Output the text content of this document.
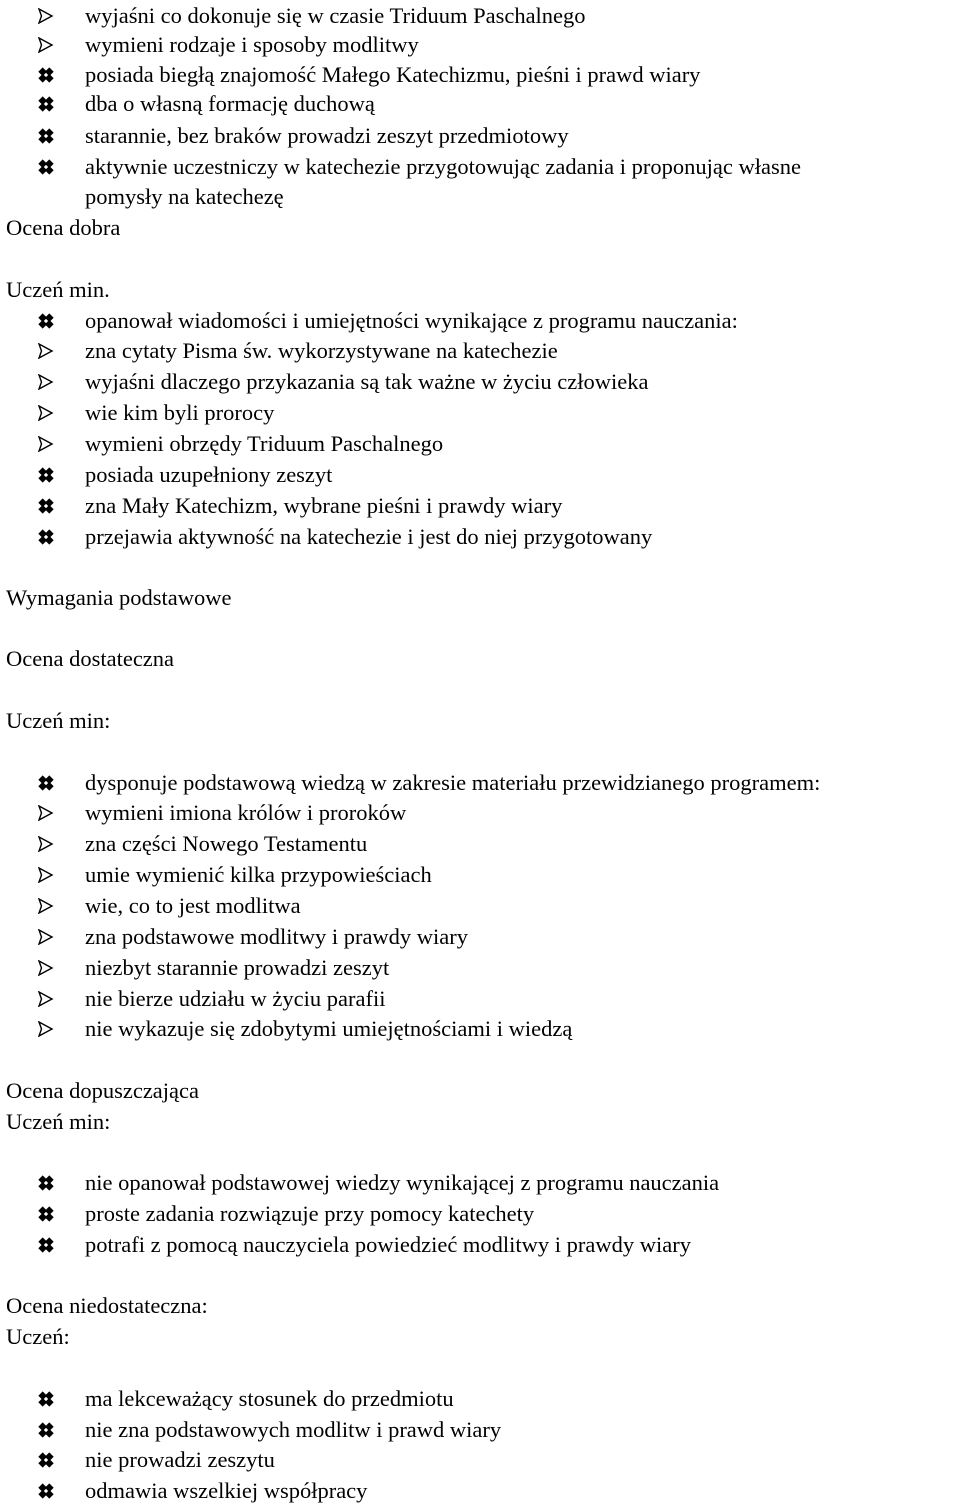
wyjaśni co dokonuje się w czasie Triduum Paschalnego
wymieni rodzaje i sposoby modlitwy
posiada biegłą znajomość Małego Katechizmu, pieśni i prawd wiary
dba o własną formację duchową
starannie, bez braków prowadzi zeszyt przedmiotowy
aktywnie uczestniczy w katechezie przygotowując zadania i proponując własne
pomysły na katechezę
Ocena dobra
Uczeń min.
opanował wiadomości i umiejętności wynikające z programu nauczania:
zna cytaty Pisma św. wykorzystywane na katechezie
wyjaśni dlaczego przykazania są tak ważne w życiu człowieka
wie kim byli prorocy
wymieni obrzędy Triduum Paschalnego
posiada uzupełniony zeszyt
zna Mały Katechizm, wybrane pieśni i prawdy wiary
przejawia aktywność na katechezie i jest do niej przygotowany
Wymagania podstawowe
Ocena dostateczna
Uczeń min:
dysponuje podstawową wiedzą w zakresie materiału przewidzianego programem:
wymieni imiona królów i proroków
zna części Nowego Testamentu
umie wymienić kilka przypowieściach
wie, co to jest modlitwa
zna podstawowe modlitwy i prawdy wiary
niezbyt starannie prowadzi zeszyt
nie bierze udziału w życiu parafii
nie wykazuje się zdobytymi umiejętnościami i wiedzą
Ocena dopuszczająca
Uczeń min:
nie opanował podstawowej wiedzy wynikającej z programu nauczania
proste zadania rozwiązuje przy pomocy katechety
potrafi z pomocą nauczyciela powiedzieć modlitwy i prawdy wiary
Ocena niedostateczna:
Uczeń:
ma lekceważący stosunek do przedmiotu
nie zna podstawowych modlitw i prawd wiary
nie prowadzi zeszytu
odmawia wszelkiej współpracy
